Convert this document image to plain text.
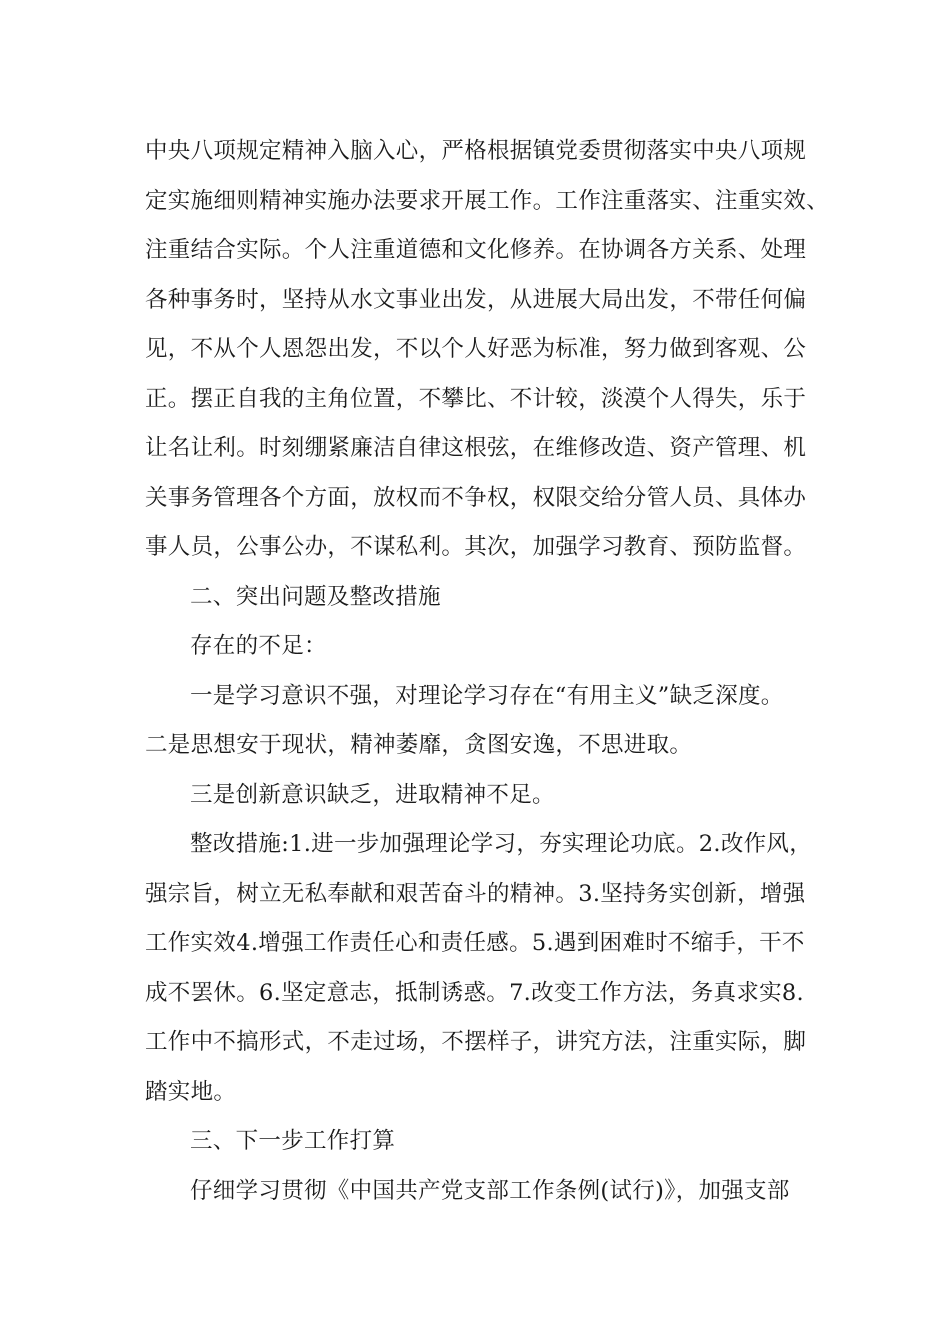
中央八项规定精神入脑入心，严格根据镇党委贯彻落实中央八项规
定实施细则精神实施办法要求开展工作。工作注重落实、注重实效、
注重结合实际。个人注重道德和文化修养。在协调各方关系、处理
各种事务时，坚持从水文事业出发，从进展大局出发，不带任何偏
见，不从个人恩怨出发，不以个人好恶为标准，努力做到客观、公
正。摆正自我的主角位置，不攀比、不计较，淡漠个人得失，乐于
让名让利。时刻绷紧廉洁自律这根弦，在维修改造、资产管理、机
关事务管理各个方面，放权而不争权，权限交给分管人员、具体办
事人员，公事公办，不谋私利。其次，加强学习教育、预防监督。
二、突出问题及整改措施
存在的不足：
一是学习意识不强，对理论学习存在“有用主义”缺乏深度。
二是思想安于现状，精神萎靡，贪图安逸，不思进取。
三是创新意识缺乏，进取精神不足。
整改措施:1.进一步加强理论学习，夯实理论功底。2.改作风，
强宗旨，树立无私奉献和艰苦奋斗的精神。3.坚持务实创新，增强
工作实效4.增强工作责任心和责任感。5.遇到困难时不缩手，干不
成不罢休。6.坚定意志，抵制诱惑。7.改变工作方法，务真求实8.
工作中不搞形式，不走过场，不摆样子，讲究方法，注重实际，脚
踏实地。
三、下一步工作打算
仔细学习贯彻《中国共产党支部工作条例(试行)》，加强支部
